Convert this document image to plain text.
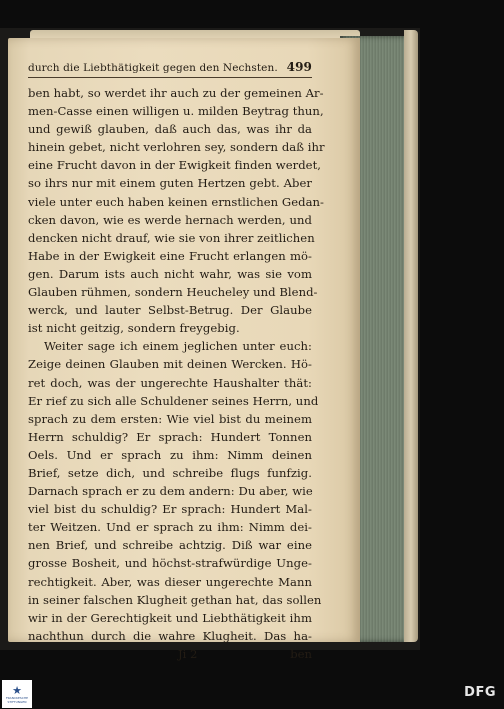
durch die Liebthätigkeit gegen den Nechsten. 499
ben habt, so werdet ihr auch zu der gemeinen Ar-
men-Casse einen willigen u. milden Beytrag thun,
und gewiß glauben, daß auch das, was ihr da
hinein gebet, nicht verlohren sey, sondern daß ihr
eine Frucht davon in der Ewigkeit finden werdet,
so ihrs nur mit einem guten Hertzen gebt. Aber
viele unter euch haben keinen ernstlichen Gedan-
cken davon, wie es werde hernach werden, und
dencken nicht drauf, wie sie von ihrer zeitlichen
Habe in der Ewigkeit eine Frucht erlangen mö-
gen. Darum ists auch nicht wahr, was sie vom
Glauben rühmen, sondern Heucheley und Blend-
werck, und lauter Selbst-Betrug. Der Glaube
ist nicht geitzig, sondern freygebig.
Weiter sage ich einem jeglichen unter euch:
Zeige deinen Glauben mit deinen Wercken. Hö-
ret doch, was der ungerechte Haushalter thät:
Er rief zu sich alle Schuldener seines Herrn, und
sprach zu dem ersten: Wie viel bist du meinem
Herrn schuldig? Er sprach: Hundert Tonnen
Oels. Und er sprach zu ihm: Nimm deinen
Brief, setze dich, und schreibe flugs funfzig.
Darnach sprach er zu dem andern: Du aber, wie
viel bist du schuldig? Er sprach: Hundert Mal-
ter Weitzen. Und er sprach zu ihm: Nimm dei-
nen Brief, und schreibe achtzig. Diß war eine
grosse Bosheit, und höchst-strafwürdige Unge-
rechtigkeit. Aber, was dieser ungerechte Mann
in seiner falschen Klugheit gethan hat, das sollen
wir in der Gerechtigkeit und Liebthätigkeit ihm
nachthun durch die wahre Klugheit. Das ha-
Ji 2	ben
★
FRANCKESCHE STIFTUNGEN
DFG
